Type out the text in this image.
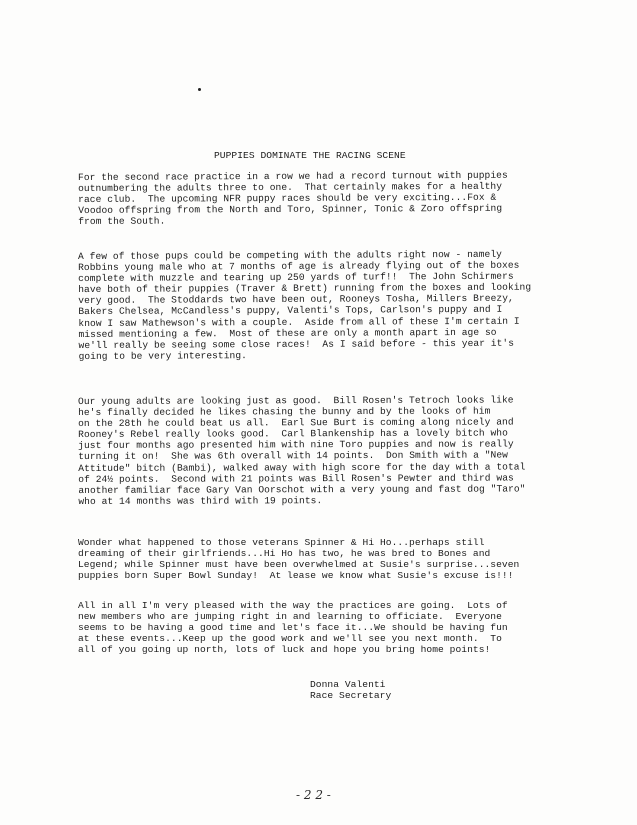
PUPPIES DOMINATE THE RACING SCENE
For the second race practice in a row we had a record turnout with puppies
outnumbering the adults three to one.  That certainly makes for a healthy
race club.  The upcoming NFR puppy races should be very exciting...Fox &
Voodoo offspring from the North and Toro, Spinner, Tonic & Zoro offspring
from the South.
A few of those pups could be competing with the adults right now - namely
Robbins young male who at 7 months of age is already flying out of the boxes
complete with muzzle and tearing up 250 yards of turf!!  The John Schirmers
have both of their puppies (Traver & Brett) running from the boxes and looking
very good.  The Stoddards two have been out, Rooneys Tosha, Millers Breezy,
Bakers Chelsea, McCandless's puppy, Valenti's Tops, Carlson's puppy and I
know I saw Mathewson's with a couple.  Aside from all of these I'm certain I
missed mentioning a few.  Most of these are only a month apart in age so
we'll really be seeing some close races!  As I said before - this year it's
going to be very interesting.
Our young adults are looking just as good.  Bill Rosen's Tetroch looks like
he's finally decided he likes chasing the bunny and by the looks of him
on the 28th he could beat us all.  Earl Sue Burt is coming along nicely and
Rooney's Rebel really looks good.  Carl Blankenship has a lovely bitch who
just four months ago presented him with nine Toro puppies and now is really
turning it on!  She was 6th overall with 14 points.  Don Smith with a "New
Attitude" bitch (Bambi), walked away with high score for the day with a total
of 24½ points.  Second with 21 points was Bill Rosen's Pewter and third was
another familiar face Gary Van Oorschot with a very young and fast dog "Taro"
who at 14 months was third with 19 points.
Wonder what happened to those veterans Spinner & Hi Ho...perhaps still
dreaming of their girlfriends...Hi Ho has two, he was bred to Bones and
Legend; while Spinner must have been overwhelmed at Susie's surprise...seven
puppies born Super Bowl Sunday!  At lease we know what Susie's excuse is!!!
All in all I'm very pleased with the way the practices are going.  Lots of
new members who are jumping right in and learning to officiate.  Everyone
seems to be having a good time and let's face it...We should be having fun
at these events...Keep up the good work and we'll see you next month.  To
all of you going up north, lots of luck and hope you bring home points!
Donna Valenti
Race Secretary
- 2 2 -
